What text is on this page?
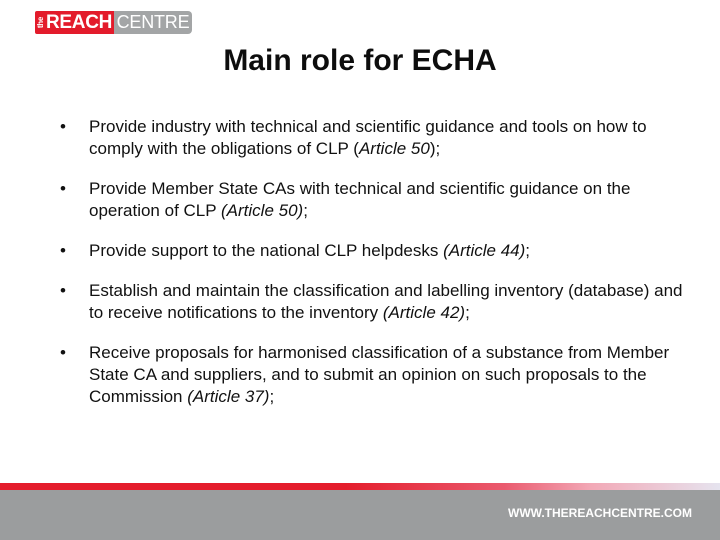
the REACH CENTRE
Main role for ECHA
•	Provide industry with technical and scientific guidance and tools on how to comply with the obligations of CLP (Article 50);
•	Provide Member State CAs with technical and scientific guidance on the operation of CLP (Article 50);
•	Provide support to the national CLP helpdesks (Article 44);
•	Establish and maintain the classification and labelling inventory (database) and to receive notifications to the inventory (Article 42);
•	Receive proposals for harmonised classification of a substance from Member State CA and suppliers, and to submit an opinion on such proposals to the Commission (Article 37);
WWW.THEREACHCENTRE.COM
